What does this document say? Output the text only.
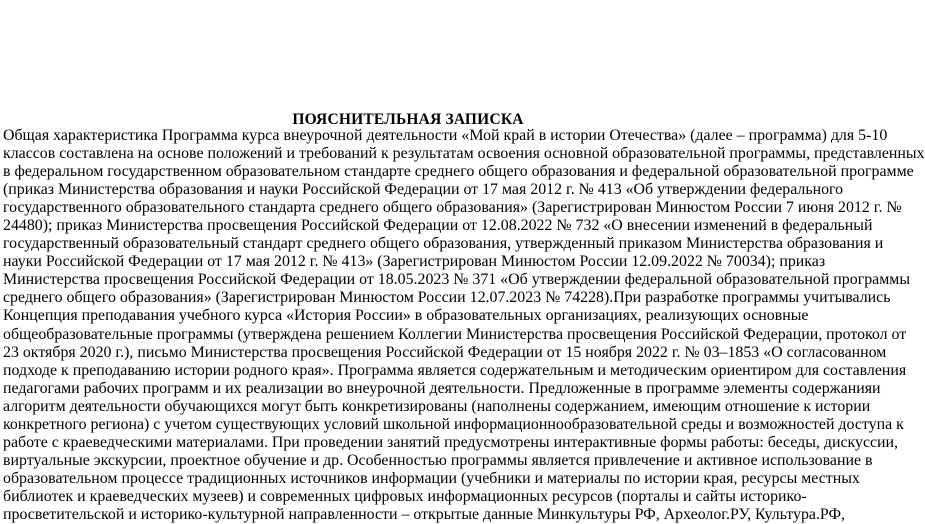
ПОЯСНИТЕЛЬНАЯ ЗАПИСКА
Общая характеристика Программа курса внеурочной деятельности «Мой край в истории Отечества» (далее – программа) для 5-10
классов составлена на основе положений и требований к результатам освоения основной образовательной программы, представленных
в федеральном государственном образовательном стандарте среднего общего образования и федеральной образовательной программе
(приказ Министерства образования и науки Российской Федерации от 17 мая 2012 г. № 413 «Об утверждении федерального
государственного образовательного стандарта среднего общего образования» (Зарегистрирован Минюстом России 7 июня 2012 г. №
24480); приказ Министерства просвещения Российской Федерации от 12.08.2022 № 732 «О внесении изменений в федеральный
государственный образовательный стандарт среднего общего образования, утвержденный приказом Министерства образования и
науки Российской Федерации от 17 мая 2012 г. № 413» (Зарегистрирован Минюстом России 12.09.2022 № 70034); приказ
Министерства просвещения Российской Федерации от 18.05.2023 № 371 «Об утверждении федеральной образовательной программы
среднего общего образования» (Зарегистрирован Минюстом России 12.07.2023 № 74228).При разработке программы учитывались
Концепция преподавания учебного курса «История России» в образовательных организациях, реализующих основные
общеобразовательные программы (утверждена решением Коллегии Министерства просвещения Российской Федерации, протокол от
23 октября 2020 г.), письмо Министерства просвещения Российской Федерации от 15 ноября 2022 г. № 03–1853 «О согласованном
подходе к преподаванию истории родного края». Программа является содержательным и методическим ориентиром для составления
педагогами рабочих программ и их реализации во внеурочной деятельности. Предложенные в программе элементы содержанияи
алгоритм деятельности обучающихся могут быть конкретизированы (наполнены содержанием, имеющим отношение к истории
конкретного региона) с учетом существующих условий школьной информационнообразовательной среды и возможностей доступа к
работе с краеведческими материалами. При проведении занятий предусмотрены интерактивные формы работы: беседы, дискуссии,
виртуальные экскурсии, проектное обучение и др. Особенностью программы является привлечение и активное использование в
образовательном процессе традиционных источников информации (учебники и материалы по истории края, ресурсы местных
библиотек и краеведческих музеев) и современных цифровых информационных ресурсов (порталы и сайты историко-
просветительской и историко-культурной направленности – открытые данные Минкультуры РФ, Археолог.РУ, Культура.РФ,
